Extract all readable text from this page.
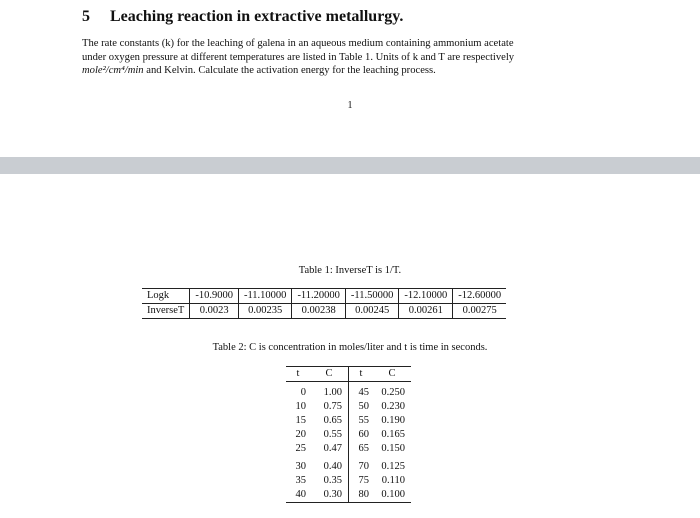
5 Leaching reaction in extractive metallurgy.
The rate constants (k) for the leaching of galena in an aqueous medium containing ammonium acetate
under oxygen pressure at different temperatures are listed in Table 1. Units of k and T are respectively
mole²/cm⁴/min and Kelvin. Calculate the activation energy for the leaching process.
1
Table 1: InverseT is 1/T.
Logk	-10.9000	-11.10000	-11.20000	-11.50000	-12.10000	-12.60000
InverseT	0.0023	0.00235	0.00238	0.00245	0.00261	0.00275
Table 2: C is concentration in moles/liter and t is time in seconds.
t	C	t	C

0	1.00	45	0.250
10	0.75	50	0.230
15	0.65	55	0.190
20	0.55	60	0.165
25	0.47	65	0.150

30	0.40	70	0.125
35	0.35	75	0.110
40	0.30	80	0.100
